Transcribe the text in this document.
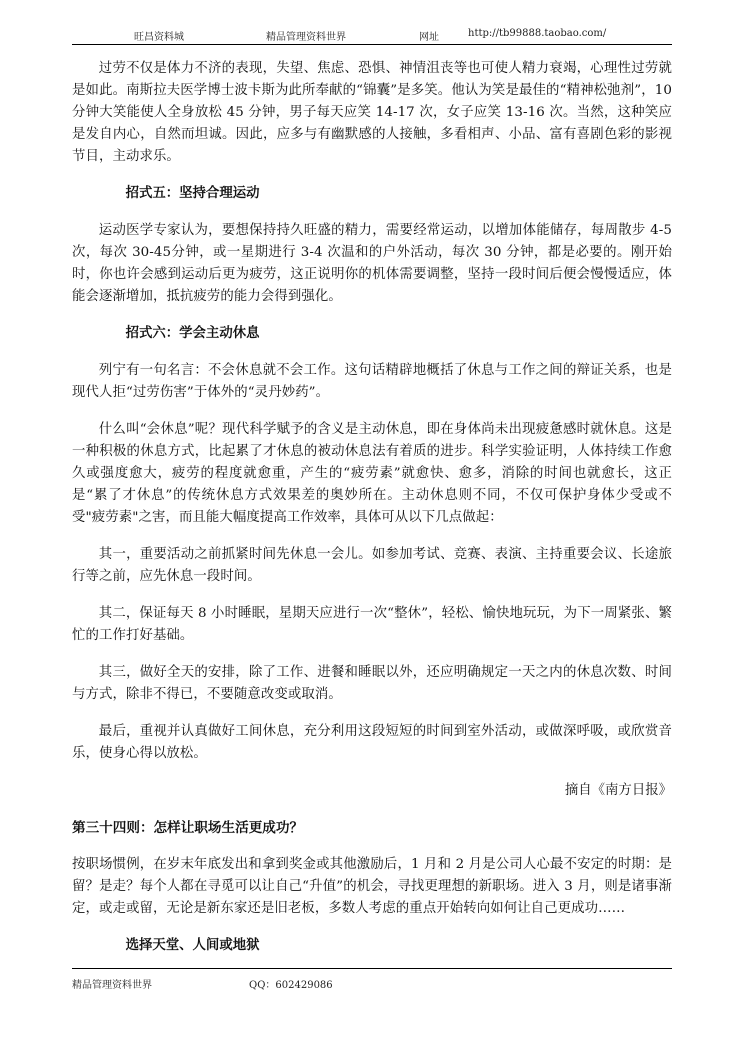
旺昌资料城	精品管理资料世界	网址	http://tb99888.taobao.com/

过劳不仅是体力不济的表现，失望、焦虑、恐惧、神情沮丧等也可使人精力衰竭，心理性过劳就是如此。南斯拉夫医学博士波卡斯为此所奉献的“锦囊”是多笑。他认为笑是最佳的“精神松弛剂”，10 分钟大笑能使人全身放松 45 分钟，男子每天应笑 14-17 次，女子应笑 13-16 次。当然，这种笑应是发自内心，自然而坦诚。因此，应多与有幽默感的人接触，多看相声、小品、富有喜剧色彩的影视节目，主动求乐。

招式五：坚持合理运动

运动医学专家认为，要想保持持久旺盛的精力，需要经常运动，以增加体能储存，每周散步 4-5 次，每次 30-45分钟，或一星期进行 3-4 次温和的户外活动，每次 30 分钟，都是必要的。刚开始时，你也许会感到运动后更为疲劳，这正说明你的机体需要调整，坚持一段时间后便会慢慢适应，体能会逐渐增加，抵抗疲劳的能力会得到强化。

招式六：学会主动休息

列宁有一句名言：不会休息就不会工作。这句话精辟地概括了休息与工作之间的辩证关系，也是现代人拒“过劳伤害”于体外的“灵丹妙药”。

什么叫“会休息”呢？现代科学赋予的含义是主动休息，即在身体尚未出现疲惫感时就休息。这是一种积极的休息方式，比起累了才休息的被动休息法有着质的进步。科学实验证明，人体持续工作愈久或强度愈大，疲劳的程度就愈重，产生的“疲劳素”就愈快、愈多，消除的时间也就愈长，这正是“累了才休息”的传统休息方式效果差的奥妙所在。主动休息则不同，不仅可保护身体少受或不受"疲劳素"之害，而且能大幅度提高工作效率，具体可从以下几点做起：

其一，重要活动之前抓紧时间先休息一会儿。如参加考试、竞赛、表演、主持重要会议、长途旅行等之前，应先休息一段时间。

其二，保证每天 8 小时睡眠，星期天应进行一次“整休”，轻松、愉快地玩玩，为下一周紧张、繁忙的工作打好基础。

其三，做好全天的安排，除了工作、进餐和睡眠以外，还应明确规定一天之内的休息次数、时间与方式，除非不得已，不要随意改变或取消。

最后，重视并认真做好工间休息，充分利用这段短短的时间到室外活动，或做深呼吸，或欣赏音乐，使身心得以放松。

摘自《南方日报》

第三十四则：怎样让职场生活更成功？

按职场惯例，在岁末年底发出和拿到奖金或其他激励后，1 月和 2 月是公司人心最不安定的时期：是留？是走？每个人都在寻觅可以让自己“升值”的机会，寻找更理想的新职场。进入 3 月，则是诸事渐定，或走或留，无论是新东家还是旧老板，多数人考虑的重点开始转向如何让自己更成功……

选择天堂、人间或地狱

精品管理资料世界	QQ：602429086
